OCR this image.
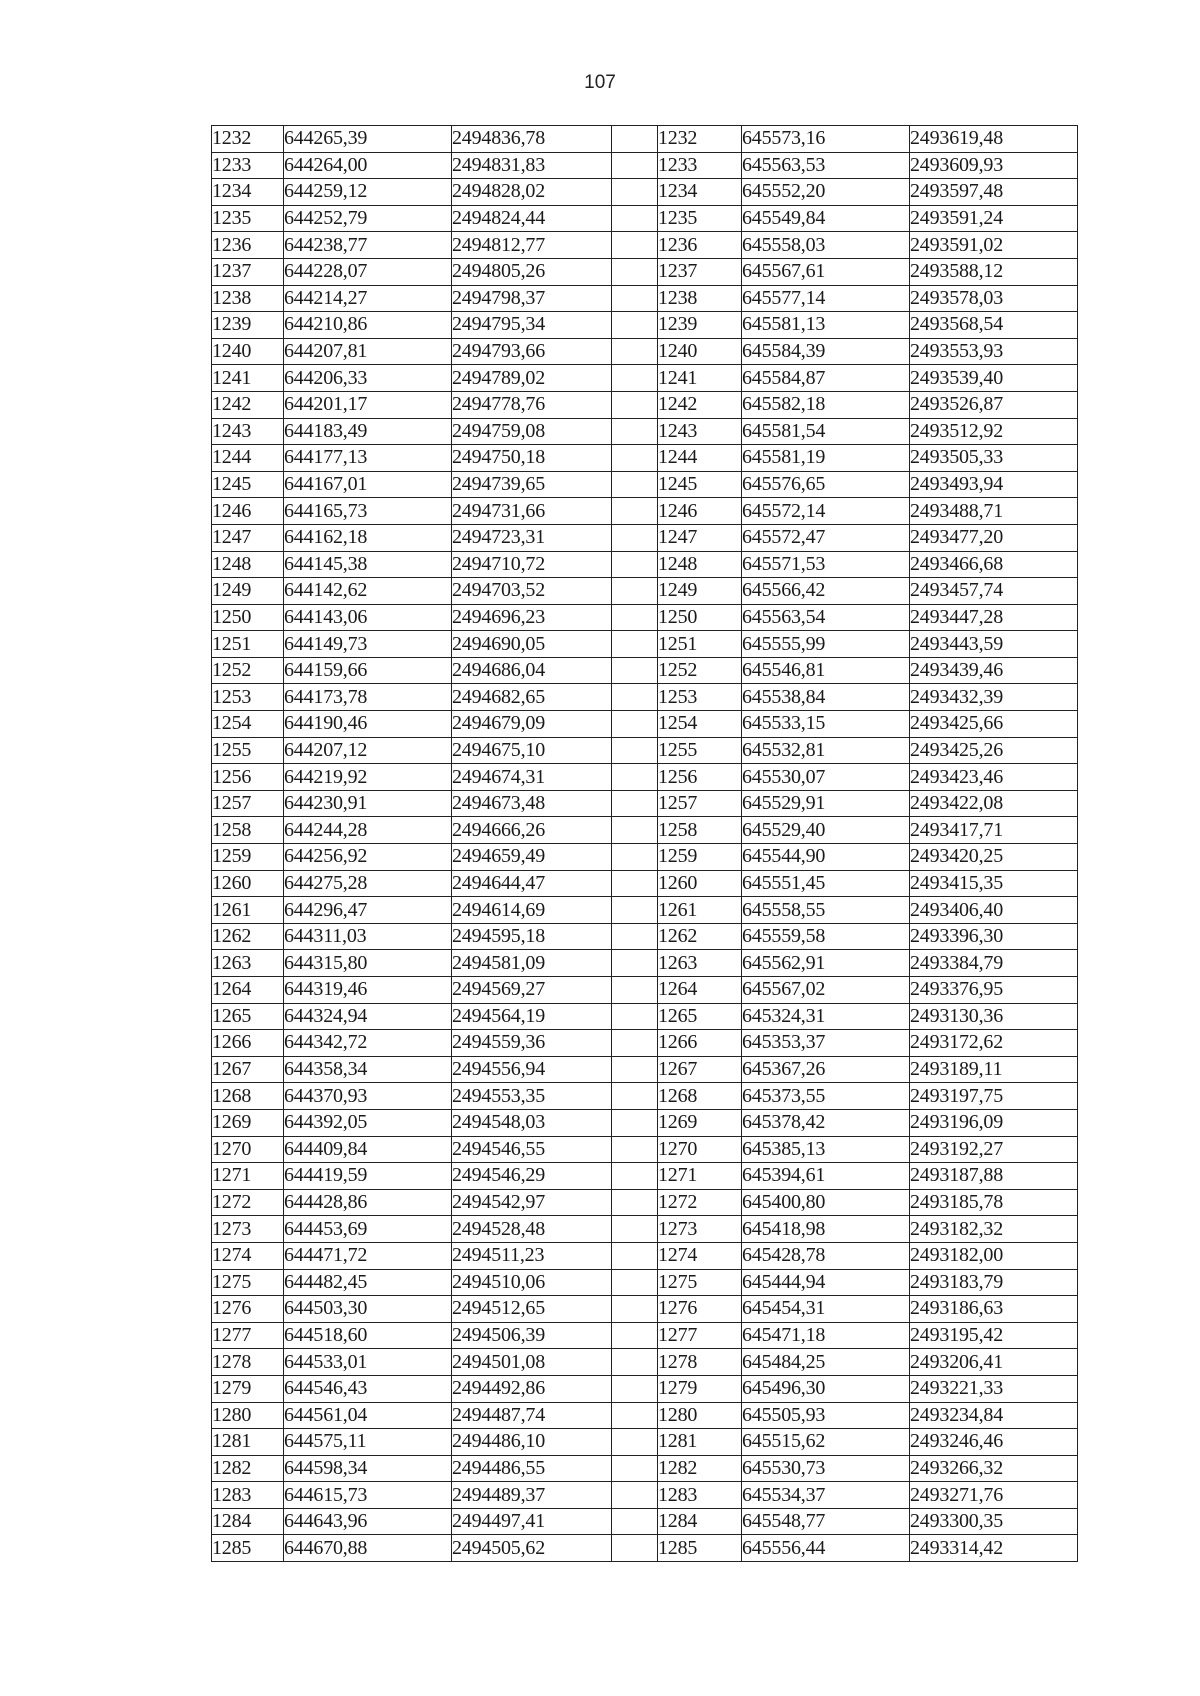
107
1232	644265,39	2494836,78		1232	645573,16	2493619,48
1233	644264,00	2494831,83		1233	645563,53	2493609,93
1234	644259,12	2494828,02		1234	645552,20	2493597,48
1235	644252,79	2494824,44		1235	645549,84	2493591,24
1236	644238,77	2494812,77		1236	645558,03	2493591,02
1237	644228,07	2494805,26		1237	645567,61	2493588,12
1238	644214,27	2494798,37		1238	645577,14	2493578,03
1239	644210,86	2494795,34		1239	645581,13	2493568,54
1240	644207,81	2494793,66		1240	645584,39	2493553,93
1241	644206,33	2494789,02		1241	645584,87	2493539,40
1242	644201,17	2494778,76		1242	645582,18	2493526,87
1243	644183,49	2494759,08		1243	645581,54	2493512,92
1244	644177,13	2494750,18		1244	645581,19	2493505,33
1245	644167,01	2494739,65		1245	645576,65	2493493,94
1246	644165,73	2494731,66		1246	645572,14	2493488,71
1247	644162,18	2494723,31		1247	645572,47	2493477,20
1248	644145,38	2494710,72		1248	645571,53	2493466,68
1249	644142,62	2494703,52		1249	645566,42	2493457,74
1250	644143,06	2494696,23		1250	645563,54	2493447,28
1251	644149,73	2494690,05		1251	645555,99	2493443,59
1252	644159,66	2494686,04		1252	645546,81	2493439,46
1253	644173,78	2494682,65		1253	645538,84	2493432,39
1254	644190,46	2494679,09		1254	645533,15	2493425,66
1255	644207,12	2494675,10		1255	645532,81	2493425,26
1256	644219,92	2494674,31		1256	645530,07	2493423,46
1257	644230,91	2494673,48		1257	645529,91	2493422,08
1258	644244,28	2494666,26		1258	645529,40	2493417,71
1259	644256,92	2494659,49		1259	645544,90	2493420,25
1260	644275,28	2494644,47		1260	645551,45	2493415,35
1261	644296,47	2494614,69		1261	645558,55	2493406,40
1262	644311,03	2494595,18		1262	645559,58	2493396,30
1263	644315,80	2494581,09		1263	645562,91	2493384,79
1264	644319,46	2494569,27		1264	645567,02	2493376,95
1265	644324,94	2494564,19		1265	645324,31	2493130,36
1266	644342,72	2494559,36		1266	645353,37	2493172,62
1267	644358,34	2494556,94		1267	645367,26	2493189,11
1268	644370,93	2494553,35		1268	645373,55	2493197,75
1269	644392,05	2494548,03		1269	645378,42	2493196,09
1270	644409,84	2494546,55		1270	645385,13	2493192,27
1271	644419,59	2494546,29		1271	645394,61	2493187,88
1272	644428,86	2494542,97		1272	645400,80	2493185,78
1273	644453,69	2494528,48		1273	645418,98	2493182,32
1274	644471,72	2494511,23		1274	645428,78	2493182,00
1275	644482,45	2494510,06		1275	645444,94	2493183,79
1276	644503,30	2494512,65		1276	645454,31	2493186,63
1277	644518,60	2494506,39		1277	645471,18	2493195,42
1278	644533,01	2494501,08		1278	645484,25	2493206,41
1279	644546,43	2494492,86		1279	645496,30	2493221,33
1280	644561,04	2494487,74		1280	645505,93	2493234,84
1281	644575,11	2494486,10		1281	645515,62	2493246,46
1282	644598,34	2494486,55		1282	645530,73	2493266,32
1283	644615,73	2494489,37		1283	645534,37	2493271,76
1284	644643,96	2494497,41		1284	645548,77	2493300,35
1285	644670,88	2494505,62		1285	645556,44	2493314,42
